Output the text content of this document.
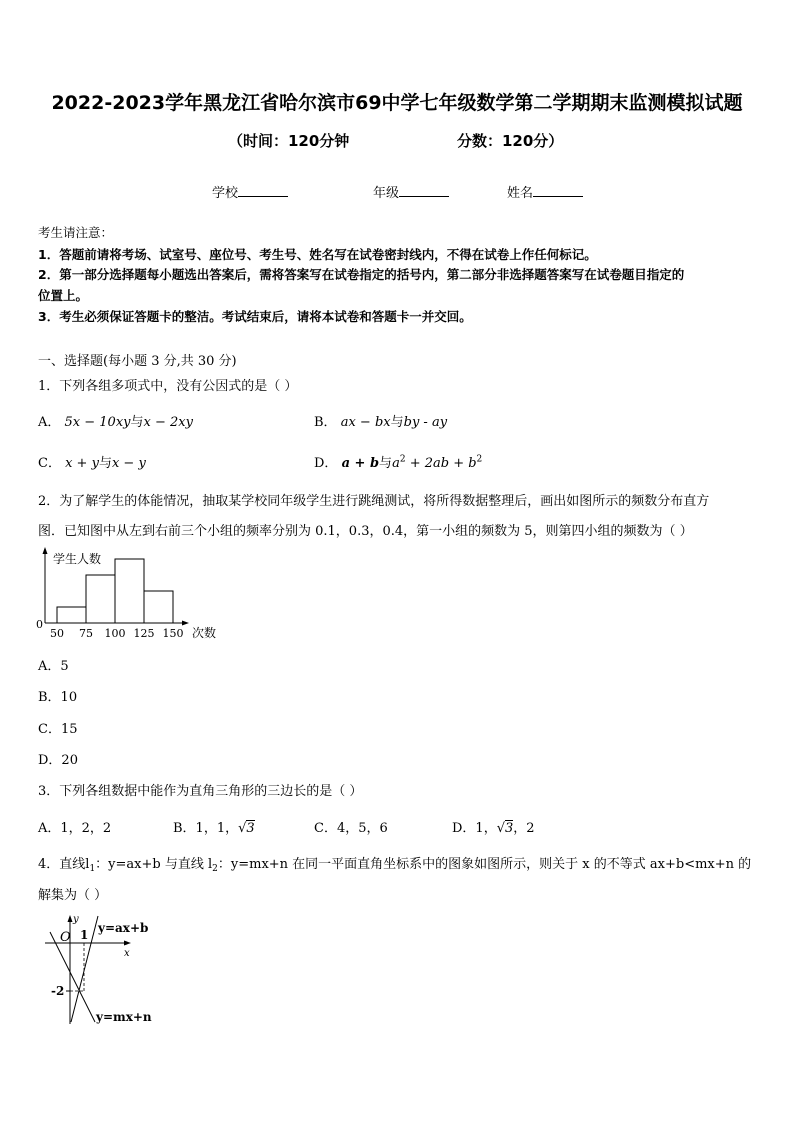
2022-2023学年黑龙江省哈尔滨市69中学七年级数学第二学期期末监测模拟试题
（时间：120分钟	分数：120分）
学校	年级	姓名
考生请注意：
1．答题前请将考场、试室号、座位号、考生号、姓名写在试卷密封线内，不得在试卷上作任何标记。
2．第一部分选择题每小题选出答案后，需将答案写在试卷指定的括号内，第二部分非选择题答案写在试卷题目指定的
位置上。
3．考生必须保证答题卡的整洁。考试结束后，请将本试卷和答题卡一并交回。
一、选择题(每小题 3 分,共 30 分)
1．下列各组多项式中，没有公因式的是（ ）
A． 5x − 10xy与x − 2xy	B． ax − bx与by - ay
C． x + y与x − y	D． a + b与$a^2 + 2ab + b^2$
2．为了解学生的体能情况，抽取某学校同年级学生进行跳绳测试，将所得数据整理后，画出如图所示的频数分布直方
图．已知图中从左到右前三个小组的频率分别为 0.1，0.3，0.4，第一小组的频数为 5，则第四小组的频数为（ ）
学生人数
0
次数
50 75 100 125 150
A．5
B．10
C．15
D．20
3．下列各组数据中能作为直角三角形的三边长的是（ ）
A．1，2，2	B．1，1，√3	C．4，5，6	D．1，√3，2
4．直线$l_1$：y=ax+b 与直线 $l_2$：y=mx+n 在同一平面直角坐标系中的图象如图所示，则关于 x 的不等式 ax+b<mx+n 的
解集为（ ）
y
x
O 1
-2
y=ax+b
y=mx+n
